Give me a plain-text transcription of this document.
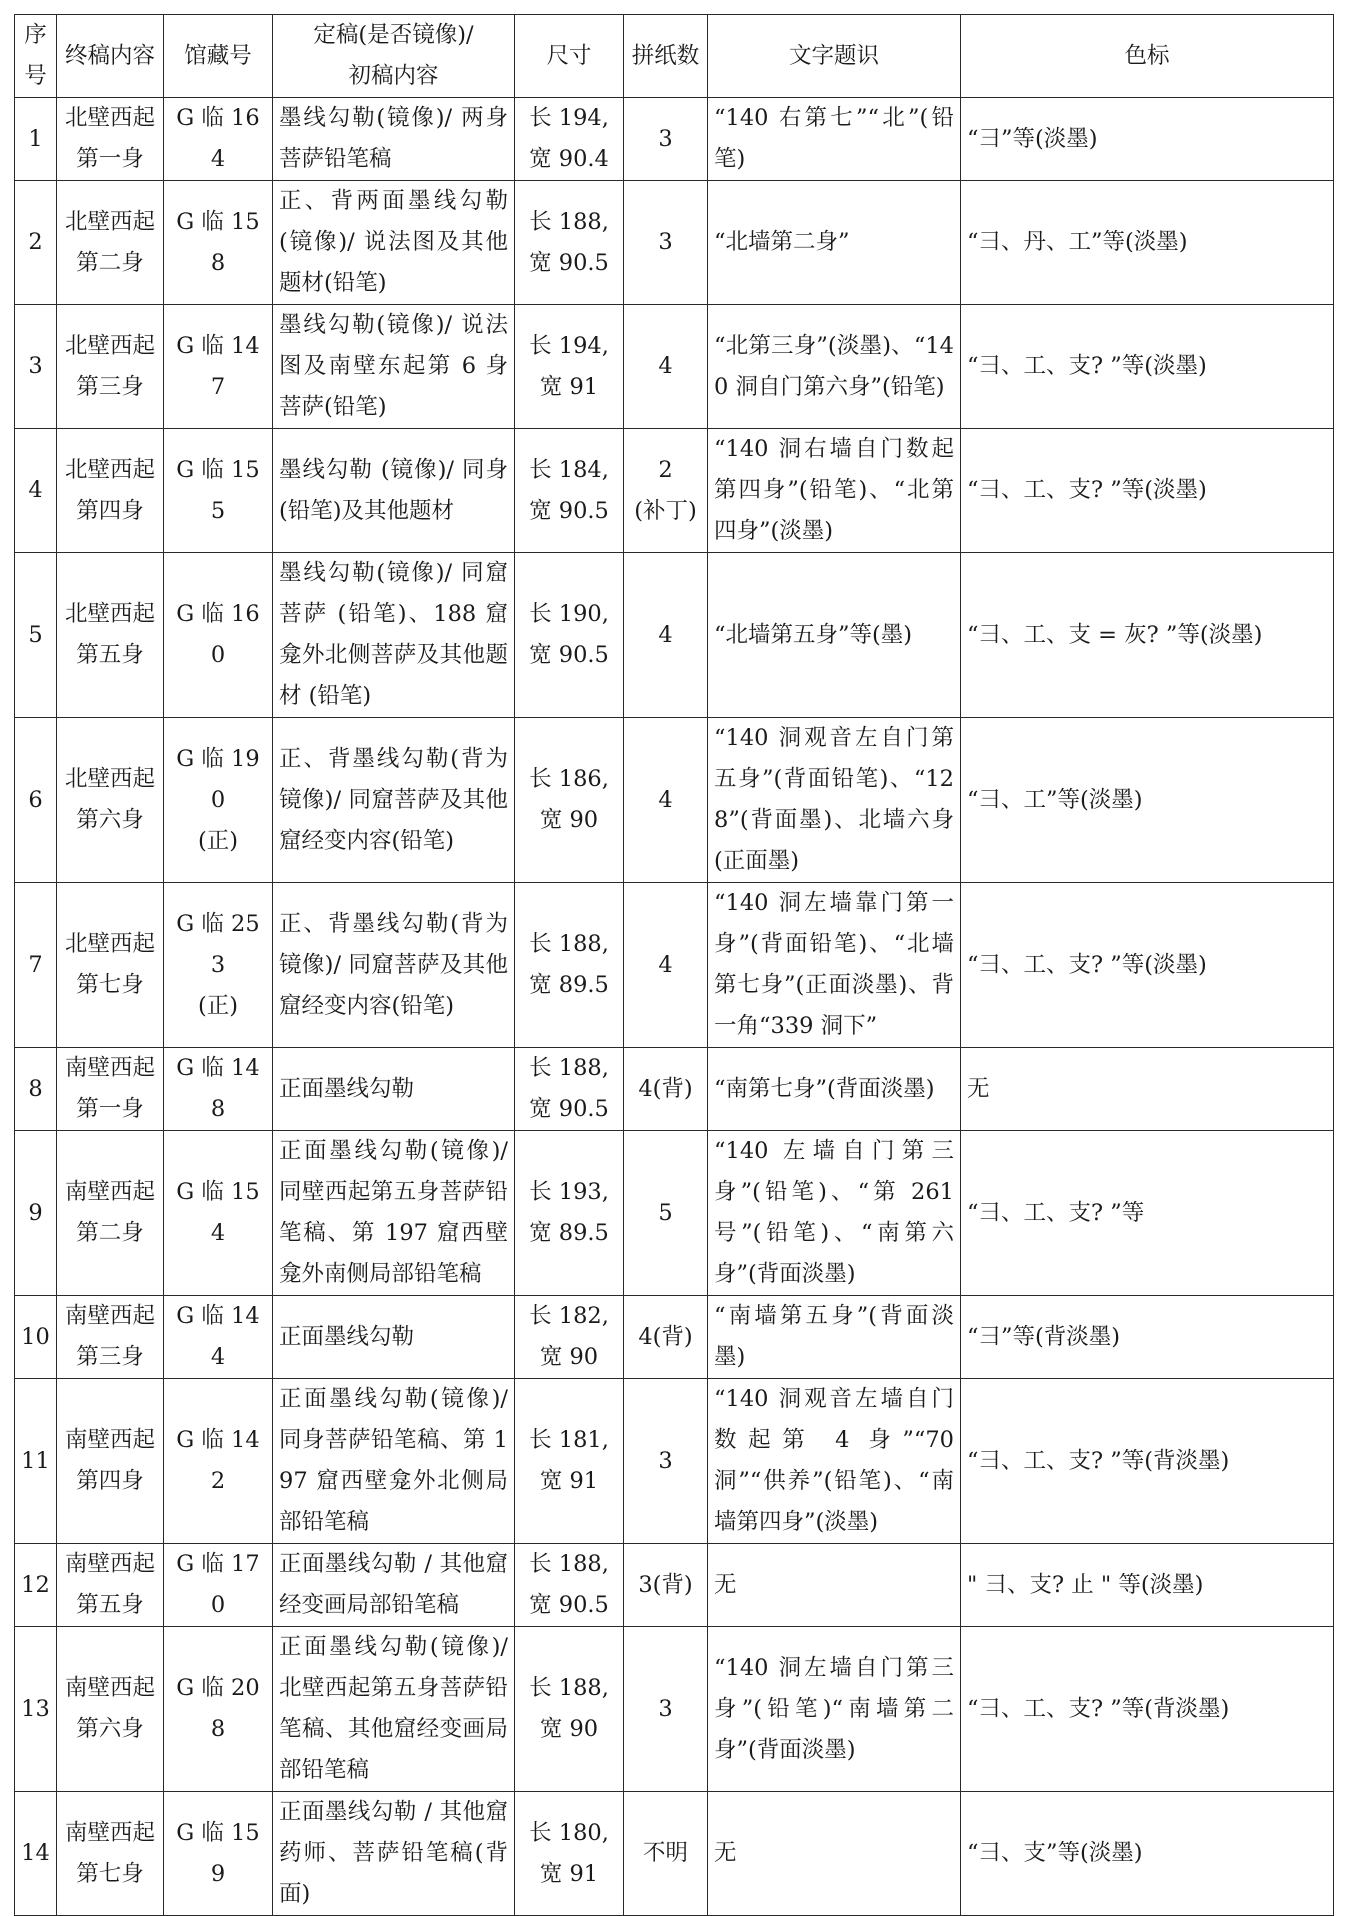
序
号	终稿内容	馆藏号	定稿(是否镜像)/
初稿内容	尺寸	拼纸数	文字题识	色标
1	北壁西起
第一身	G 临 164	墨线勾勒(镜像)/ 两身菩萨铅笔稿	长 194,
宽 90.4	3	“140 右第七”“北”(铅笔)	“彐”等(淡墨)
2	北壁西起
第二身	G 临 158	正、背两面墨线勾勒(镜像)/ 说法图及其他题材(铅笔)	长 188,
宽 90.5	3	“北墙第二身”	“彐、丹、工”等(淡墨)
3	北壁西起
第三身	G 临 147	墨线勾勒(镜像)/ 说法图及南壁东起第 6 身菩萨(铅笔)	长 194,
宽 91	4	“北第三身”(淡墨)、“140 洞自门第六身”(铅笔)	“彐、工、支? ”等(淡墨)
4	北壁西起
第四身	G 临 155	墨线勾勒 (镜像)/ 同身(铅笔)及其他题材	长 184,
宽 90.5	2
(补丁)	“140 洞右墙自门数起第四身”(铅笔)、“北第四身”(淡墨)	“彐、工、支? ”等(淡墨)
5	北壁西起
第五身	G 临 160	墨线勾勒(镜像)/ 同窟菩萨 (铅笔)、188 窟龛外北侧菩萨及其他题材 (铅笔)	长 190,
宽 90.5	4	“北墙第五身”等(墨)	“彐、工、支 = 灰? ”等(淡墨)
6	北壁西起
第六身	G 临 190
(正)	正、背墨线勾勒(背为镜像)/ 同窟菩萨及其他窟经变内容(铅笔)	长 186,
宽 90	4	“140 洞观音左自门第五身”(背面铅笔)、“128”(背面墨)、北墙六身(正面墨)	“彐、工”等(淡墨)
7	北壁西起
第七身	G 临 253
(正)	正、背墨线勾勒(背为镜像)/ 同窟菩萨及其他窟经变内容(铅笔)	长 188,
宽 89.5	4	“140 洞左墙靠门第一身”(背面铅笔)、“北墙第七身”(正面淡墨)、背一角“339 洞下”	“彐、工、支? ”等(淡墨)
8	南壁西起
第一身	G 临 148	正面墨线勾勒	长 188,
宽 90.5	4(背)	“南第七身”(背面淡墨)	无
9	南壁西起
第二身	G 临 154	正面墨线勾勒(镜像)/ 同壁西起第五身菩萨铅笔稿、第 197 窟西壁龛外南侧局部铅笔稿	长 193,
宽 89.5	5	“140 左墙自门第三身”(铅笔)、“第 261 号”(铅笔)、“南第六身”(背面淡墨)	“彐、工、支? ”等
10	南壁西起
第三身	G 临 144	正面墨线勾勒	长 182,
宽 90	4(背)	“南墙第五身”(背面淡墨)	“彐”等(背淡墨)
11	南壁西起
第四身	G 临 142	正面墨线勾勒(镜像)/ 同身菩萨铅笔稿、第 197 窟西壁龛外北侧局部铅笔稿	长 181,
宽 91	3	“140 洞观音左墙自门数起第 4 身”“70 洞”“供养”(铅笔)、“南墙第四身”(淡墨)	“彐、工、支? ”等(背淡墨)
12	南壁西起
第五身	G 临 170	正面墨线勾勒 / 其他窟经变画局部铅笔稿	长 188,
宽 90.5	3(背)	无	" 彐、支? 止 " 等(淡墨)
13	南壁西起
第六身	G 临 208	正面墨线勾勒(镜像)/ 北壁西起第五身菩萨铅笔稿、其他窟经变画局部铅笔稿	长 188,
宽 90	3	“140 洞左墙自门第三身”(铅笔)“南墙第二身”(背面淡墨)	“彐、工、支? ”等(背淡墨)
14	南壁西起
第七身	G 临 159	正面墨线勾勒 / 其他窟药师、菩萨铅笔稿(背面)	长 180,
宽 91	不明	无	“彐、支”等(淡墨)
